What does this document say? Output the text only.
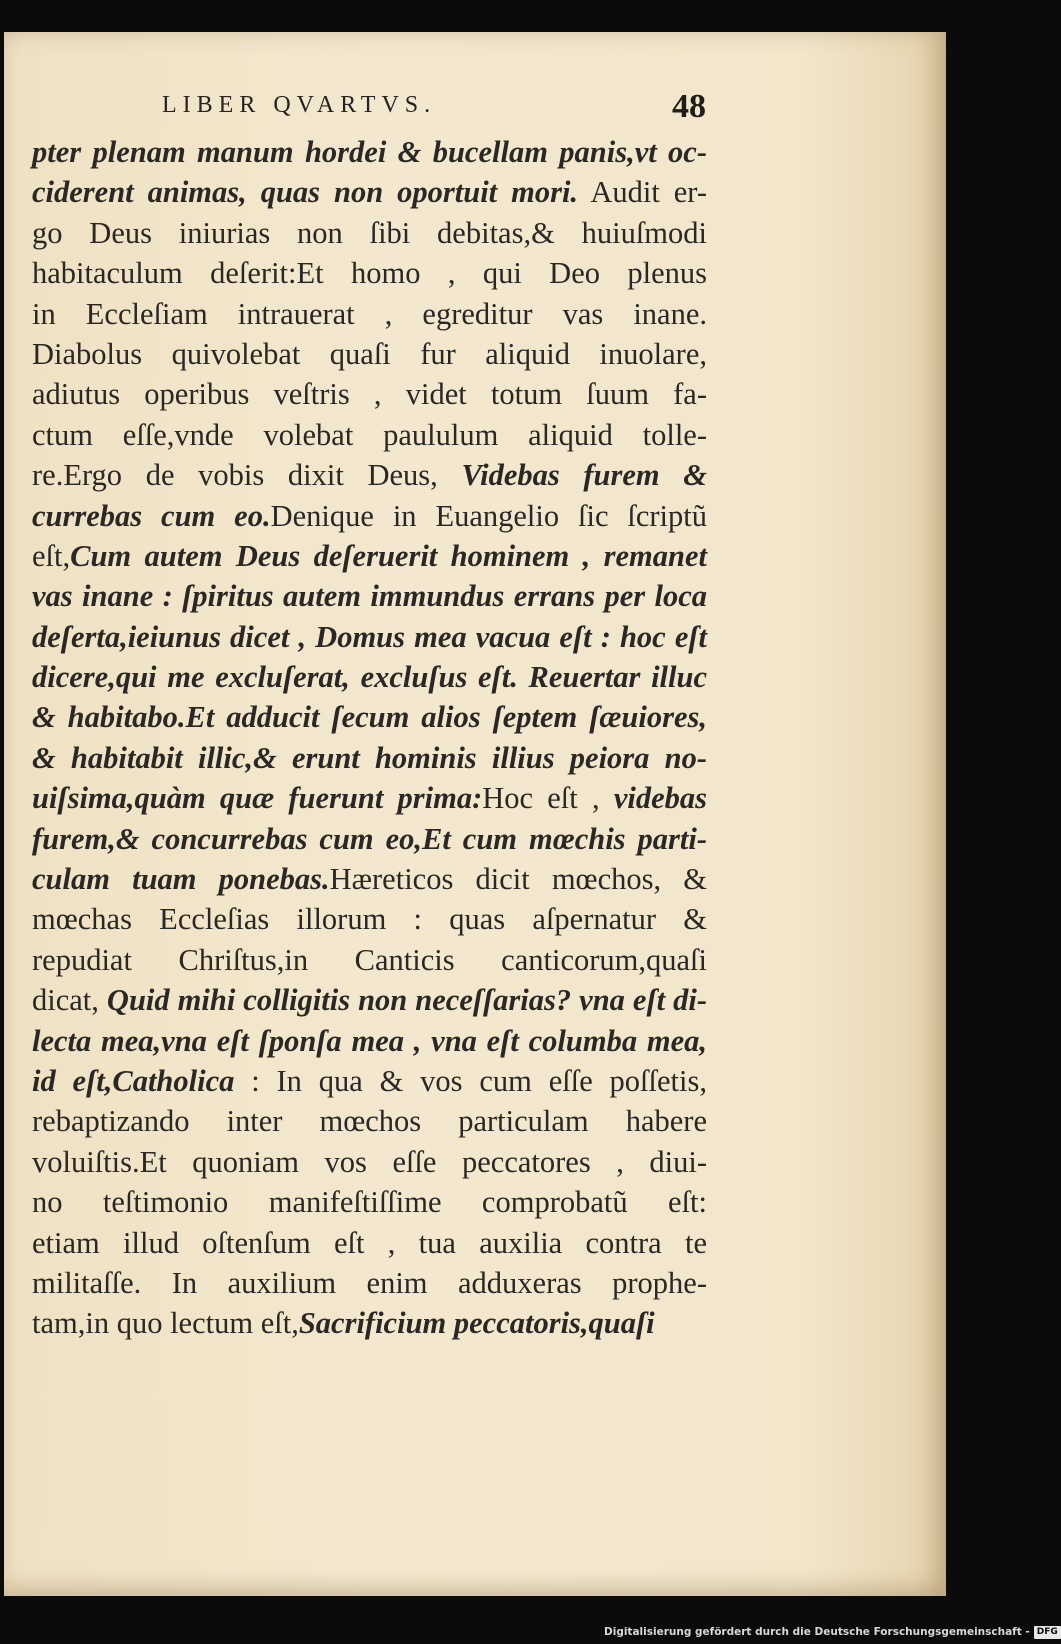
LIBER QVARTVS.	48
pter plenam manum hordei & bucellam panis,vt oc-
ciderent animas, quas non oportuit mori. Audit er-
go Deus iniurias non ſibi debitas,& huiuſmodi
habitaculum deſerit:Et homo , qui Deo plenus
in Eccleſiam intrauerat , egreditur vas inane.
Diabolus quivolebat quaſi fur aliquid inuolare,
adiutus operibus veſtris , videt totum ſuum fa-
ctum eſſe,vnde volebat paululum aliquid tolle-
re.Ergo de vobis dixit Deus, Videbas furem &
currebas cum eo.Denique in Euangelio ſic ſcriptũ
eſt,Cum autem Deus deſeruerit hominem , remanet
vas inane : ſpiritus autem immundus errans per loca
deſerta,ieiunus dicet , Domus mea vacua eſt : hoc eſt
dicere,qui me excluſerat, excluſus eſt. Reuertar illuc
& habitabo.Et adducit ſecum alios ſeptem ſæuiores,
& habitabit illic,& erunt hominis illius peiora no-
uiſsima,quàm quæ fuerunt prima:Hoc eſt , videbas
furem,& concurrebas cum eo,Et cum mœchis parti-
culam tuam ponebas.Hæreticos dicit mœchos, &
mœchas Eccleſias illorum : quas aſpernatur &
repudiat Chriſtus,in Canticis canticorum,quaſi
dicat, Quid mihi colligitis non neceſſarias? vna eſt di-
lecta mea,vna eſt ſponſa mea , vna eſt columba mea,
id eſt,Catholica : In qua & vos cum eſſe poſſetis,
rebaptizando inter mœchos particulam habere
voluiſtis.Et quoniam vos eſſe peccatores , diui-
no teſtimonio manifeſtiſſime comprobatũ eſt:
etiam illud oſtenſum eſt , tua auxilia contra te
militaſſe. In auxilium enim adduxeras prophe-
tam,in quo lectum eſt,Sacrificium peccatoris,quaſi
Digitalisierung gefördert durch die Deutsche Forschungsgemeinschaft - DFG
